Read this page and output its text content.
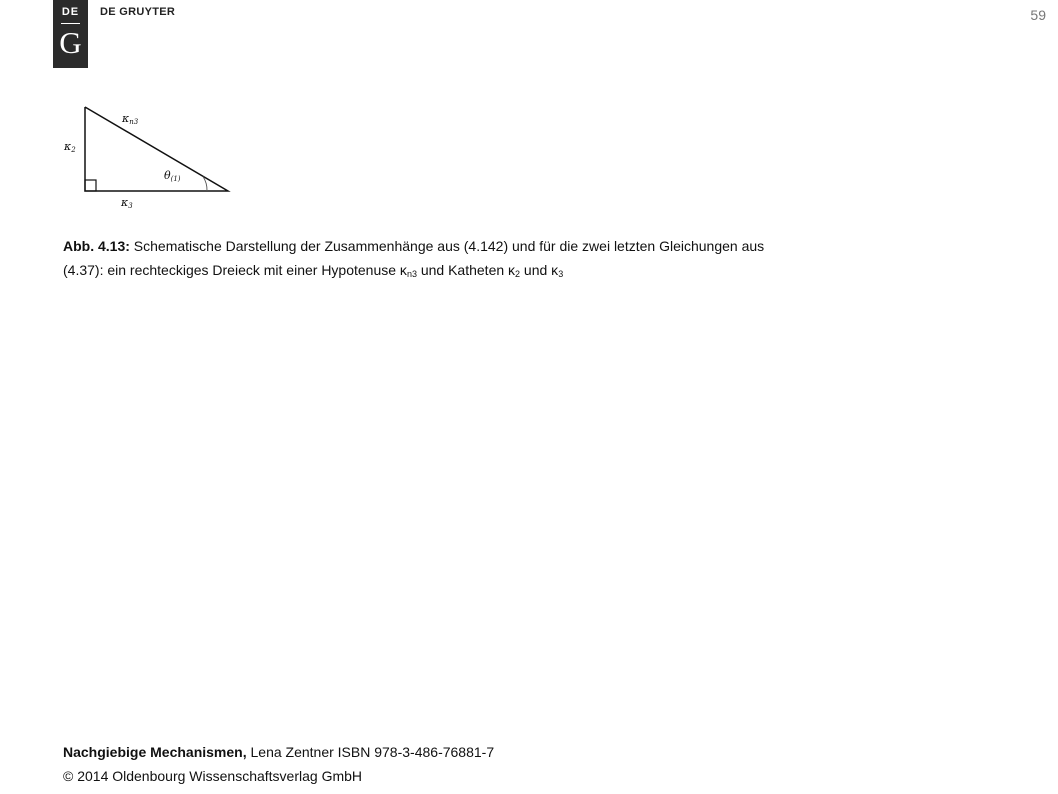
DE
G
DE GRUYTER	59
κn3
κ2
κ3
θ(1)
Abb. 4.13: Schematische Darstellung der Zusammenhänge aus (4.142) und für die zwei letzten Gleichungen aus
(4.37): ein rechteckiges Dreieck mit einer Hypotenuse $\kappa_{n3}$ und Katheten $\kappa_2$ und $\kappa_3$
Nachgiebige Mechanismen, Lena Zentner ISBN 978-3-486-76881-7
© 2014 Oldenbourg Wissenschaftsverlag GmbH
